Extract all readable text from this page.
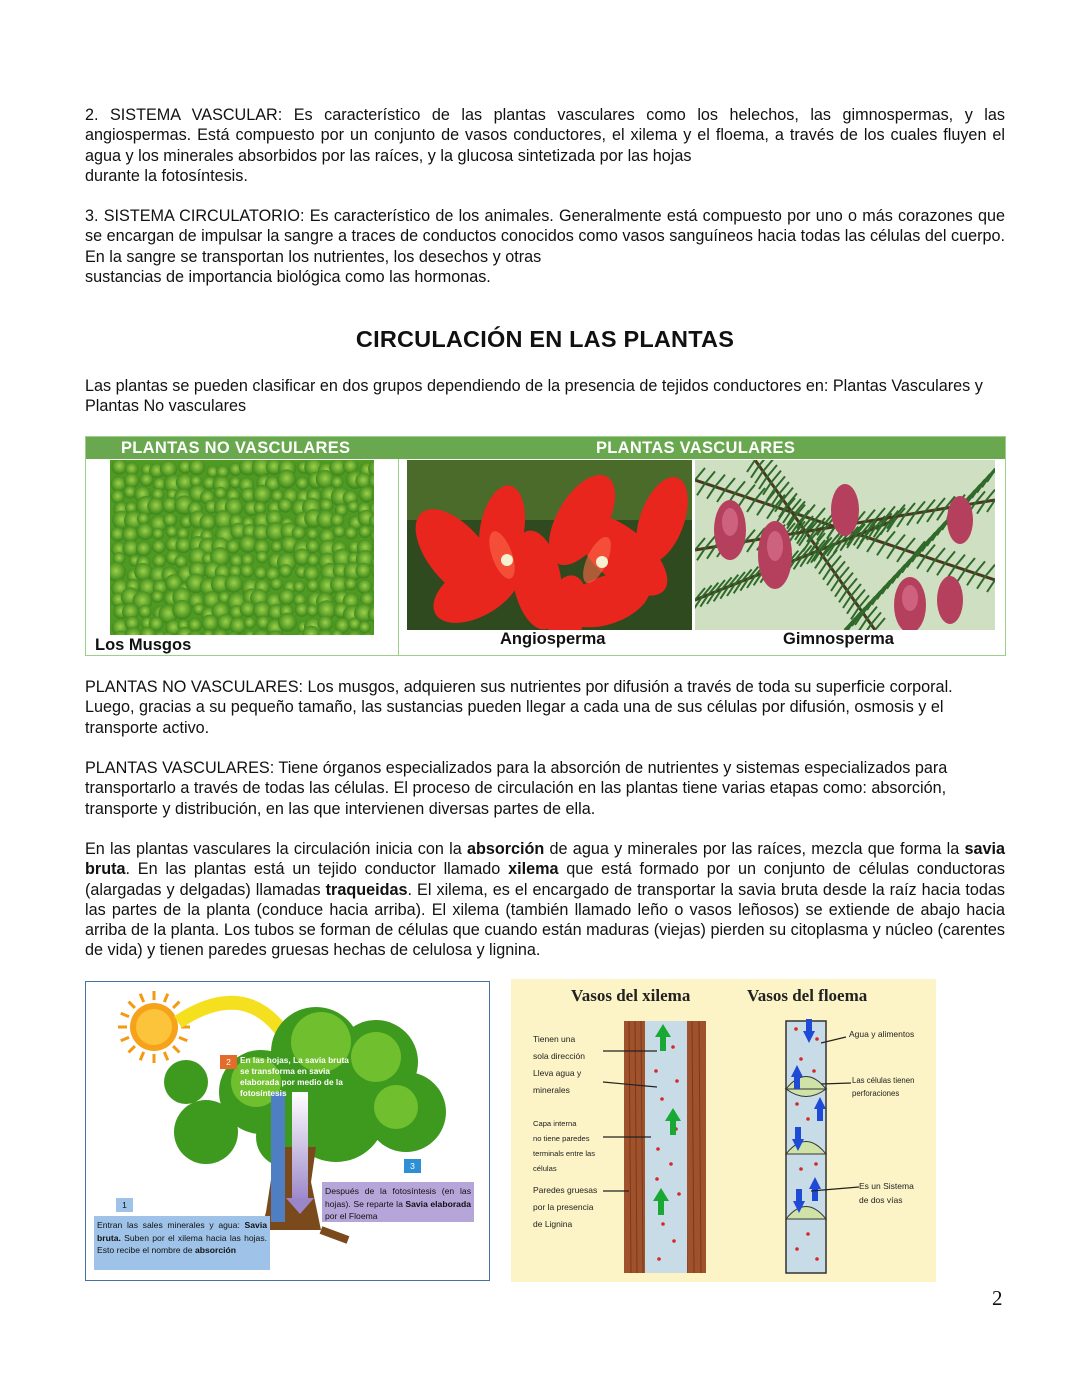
2. SISTEMA VASCULAR: Es característico de las plantas vasculares como los helechos, las gimnospermas, y las angiospermas. Está compuesto por un conjunto de vasos conductores, el xilema y el floema, a través de los cuales fluyen el agua y los minerales absorbidos por las raíces, y la glucosa sintetizada por las hojas
durante la fotosíntesis.

3. SISTEMA CIRCULATORIO: Es característico de los animales. Generalmente está compuesto por uno o más corazones que se encargan de impulsar la sangre a traces de conductos conocidos como vasos sanguíneos hacia todas las células del cuerpo. En la sangre se transportan los nutrientes, los desechos y otras
sustancias de importancia biológica como las hormonas.

CIRCULACIÓN EN LAS PLANTAS

Las plantas se pueden clasificar en dos grupos dependiendo de la presencia de tejidos conductores en: Plantas Vasculares y Plantas No vasculares

PLANTAS NO VASCULARES	PLANTAS VASCULARES
Los Musgos	Angiosperma	Gimnosperma

PLANTAS NO VASCULARES: Los musgos, adquieren sus nutrientes por difusión a través de toda su superficie corporal. Luego, gracias a su pequeño tamaño, las sustancias pueden llegar a cada una de sus células por difusión, osmosis y el transporte activo.

PLANTAS VASCULARES: Tiene órganos especializados para la absorción de nutrientes y sistemas especializados para transportarlo a través de todas las células. El proceso de circulación en las plantas tiene varias etapas como: absorción, transporte y distribución, en las que intervienen diversas partes de ella.

En las plantas vasculares la circulación inicia con la absorción de agua y minerales por las raíces, mezcla que forma la savia bruta. En las plantas está un tejido conductor llamado xilema que está formado por un conjunto de células conductoras (alargadas y delgadas) llamadas traqueidas. El xilema, es el encargado de transportar la savia bruta desde la raíz hacia todas las partes de la planta (conduce hacia arriba). El xilema (también llamado leño o vasos leñosos) se extiende de abajo hacia arriba de la planta. Los tubos se forman de células que cuando están maduras (viejas) pierden su citoplasma y núcleo (carentes de vida) y tienen paredes gruesas hechas de celulosa y lignina.

2	En las hojas, La savia bruta se transforma en savia elaborada por medio de la fotosíntesis
3
Después de la fotosíntesis (en las hojas). Se reparte la Savia elaborada por el Floema
1
Entran las sales minerales y agua: Savia bruta. Suben por el xilema hacia las hojas. Esto recibe el nombre de absorción
Vasos del xilema	Vasos del floema
Tienen una
sola dirección
Lleva agua y
minerales
Capa interna
no tiene paredes
terminals entre las
células
Paredes gruesas
por la presencia
de Lignina
Agua y alimentos
Las células tienen
perforaciones
Es un Sistema
de dos vías
2
